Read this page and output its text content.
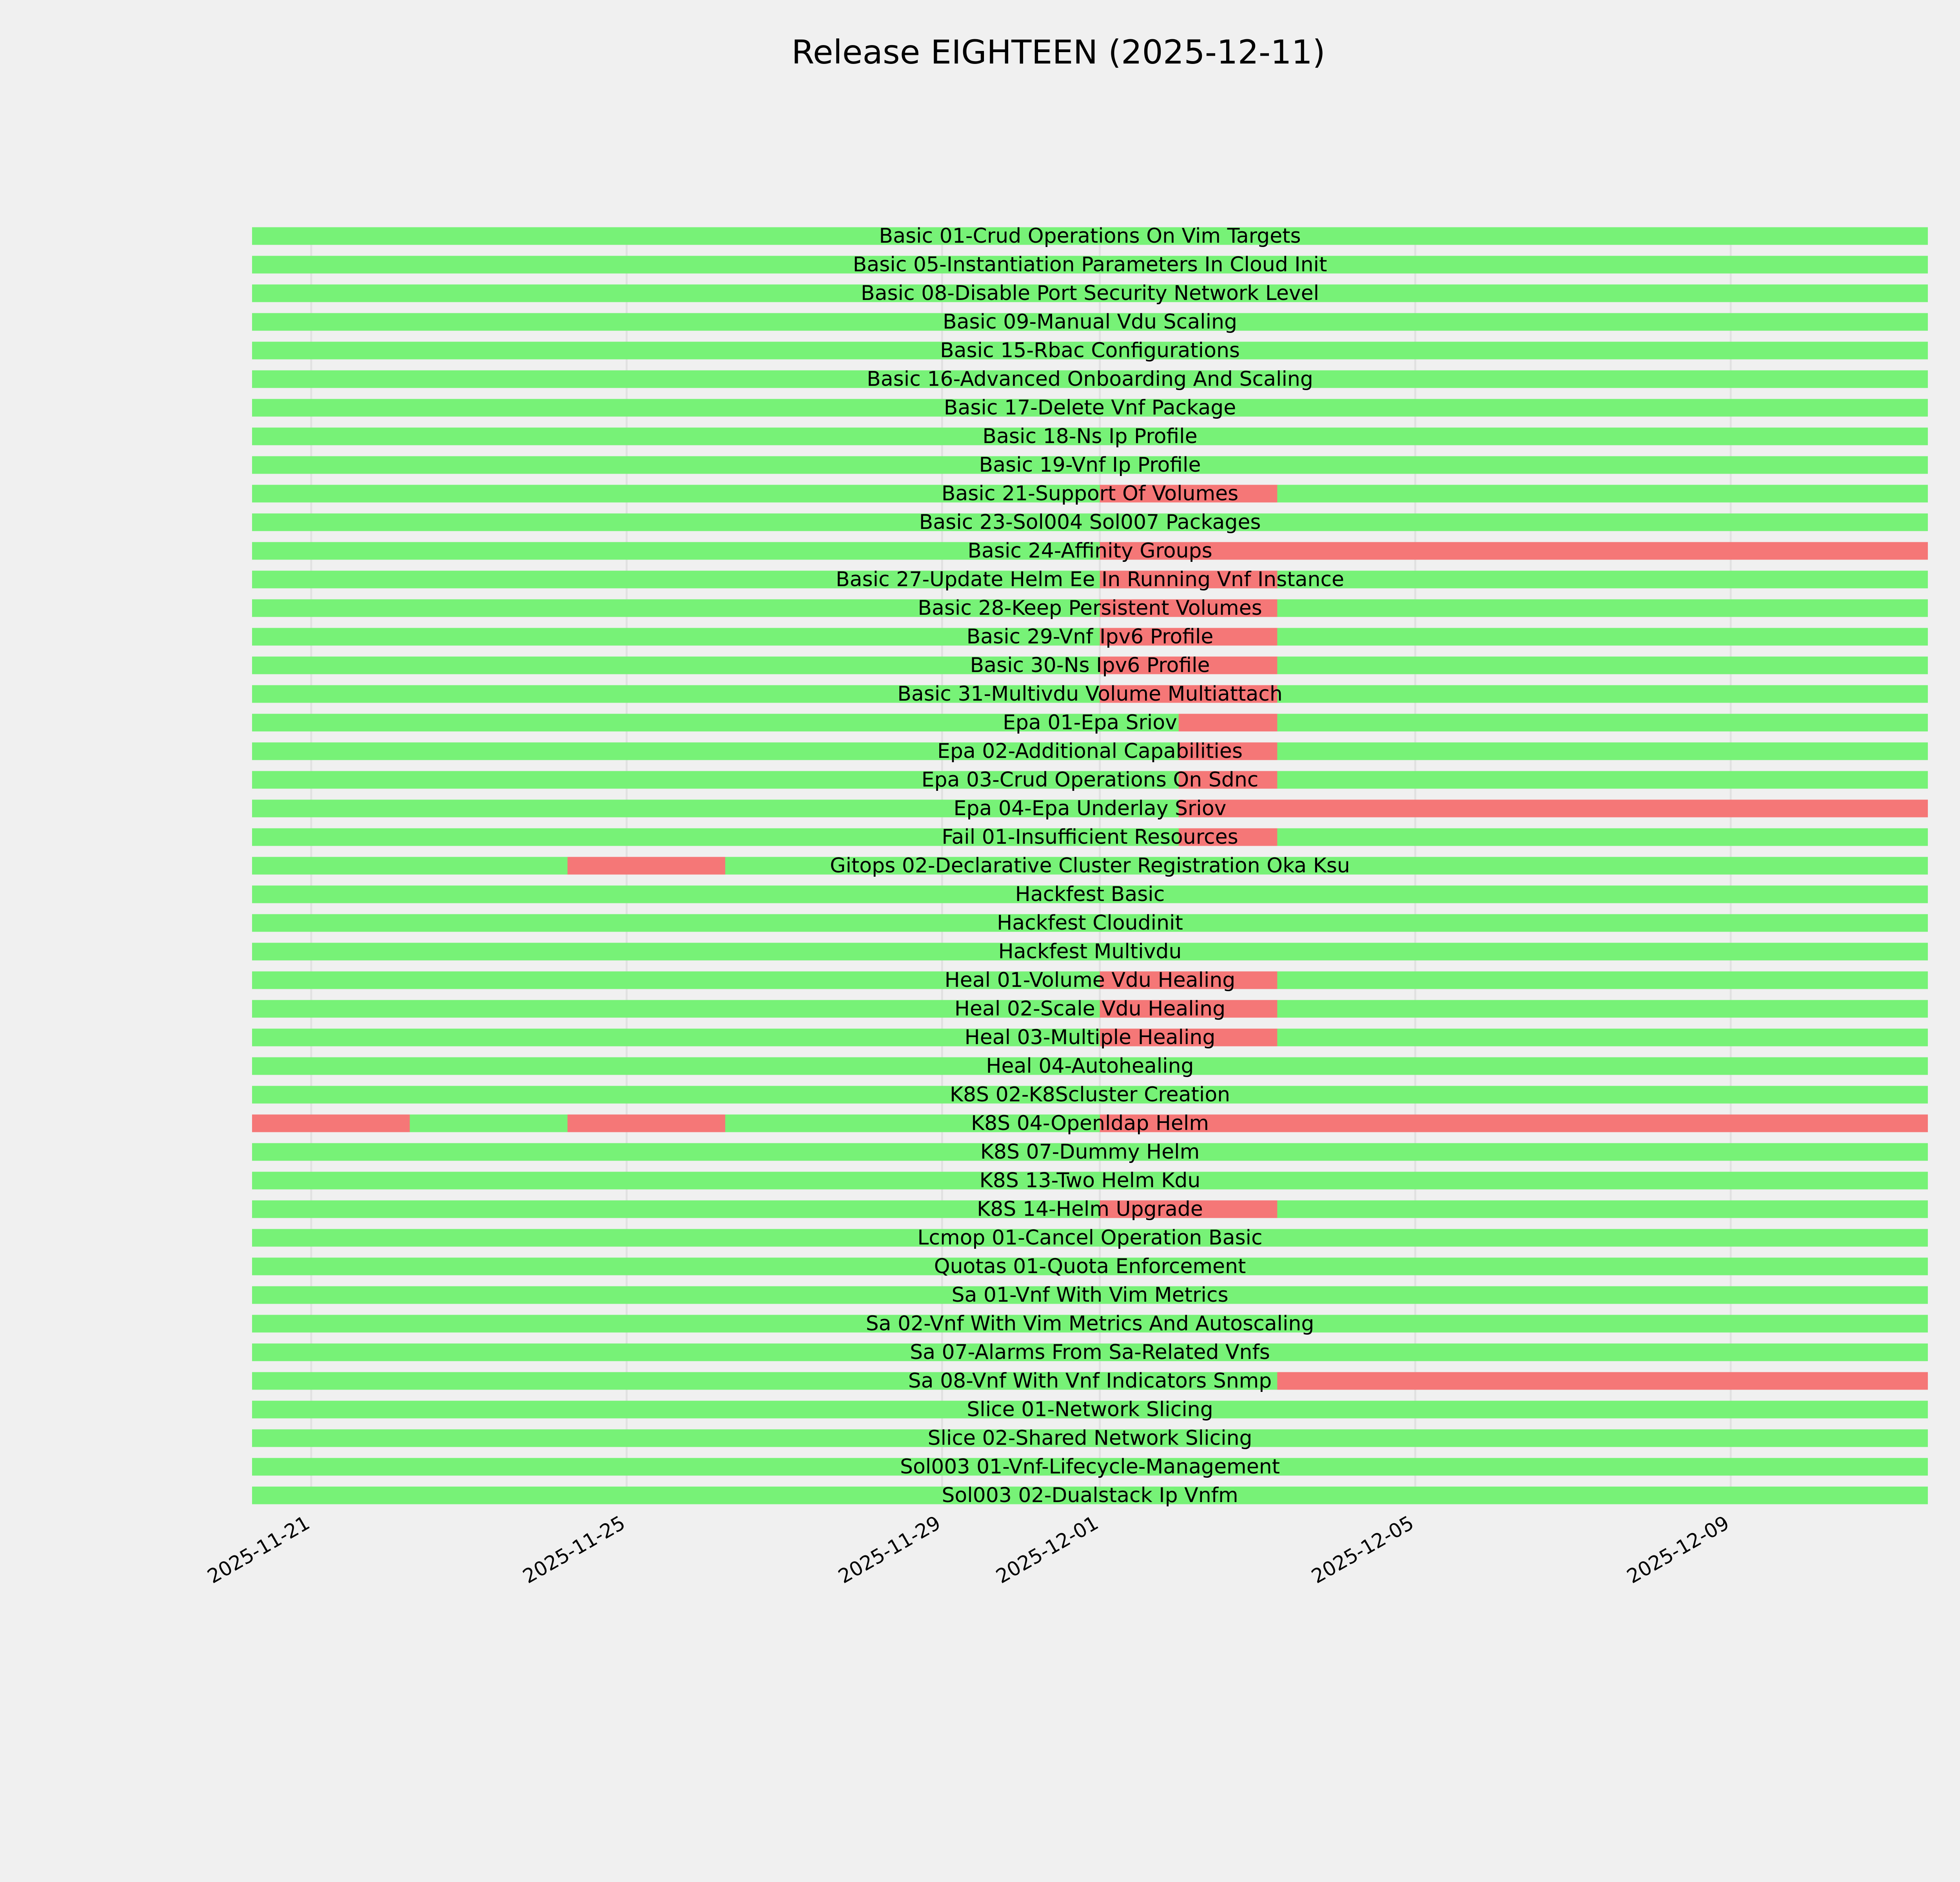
Release EIGHTEEN (2025-12-11)
Basic 01-Crud Operations On Vim Targets
Basic 05-Instantiation Parameters In Cloud Init
Basic 08-Disable Port Security Network Level
Basic 09-Manual Vdu Scaling
Basic 15-Rbac Configurations
Basic 16-Advanced Onboarding And Scaling
Basic 17-Delete Vnf Package
Basic 18-Ns Ip Profile
Basic 19-Vnf Ip Profile
Basic 21-Support Of Volumes
Basic 23-Sol004 Sol007 Packages
Basic 24-Affinity Groups
Basic 27-Update Helm Ee In Running Vnf Instance
Basic 28-Keep Persistent Volumes
Basic 29-Vnf Ipv6 Profile
Basic 30-Ns Ipv6 Profile
Basic 31-Multivdu Volume Multiattach
Epa 01-Epa Sriov
Epa 02-Additional Capabilities
Epa 03-Crud Operations On Sdnc
Epa 04-Epa Underlay Sriov
Fail 01-Insufficient Resources
Gitops 02-Declarative Cluster Registration Oka Ksu
Hackfest Basic
Hackfest Cloudinit
Hackfest Multivdu
Heal 01-Volume Vdu Healing
Heal 02-Scale Vdu Healing
Heal 03-Multiple Healing
Heal 04-Autohealing
K8S 02-K8Scluster Creation
K8S 04-Openldap Helm
K8S 07-Dummy Helm
K8S 13-Two Helm Kdu
K8S 14-Helm Upgrade
Lcmop 01-Cancel Operation Basic
Quotas 01-Quota Enforcement
Sa 01-Vnf With Vim Metrics
Sa 02-Vnf With Vim Metrics And Autoscaling
Sa 07-Alarms From Sa-Related Vnfs
Sa 08-Vnf With Vnf Indicators Snmp
Slice 01-Network Slicing
Slice 02-Shared Network Slicing
Sol003 01-Vnf-Lifecycle-Management
Sol003 02-Dualstack Ip Vnfm
2025-11-21	2025-11-25	2025-11-29 2025-12-01	2025-12-05	2025-12-09
